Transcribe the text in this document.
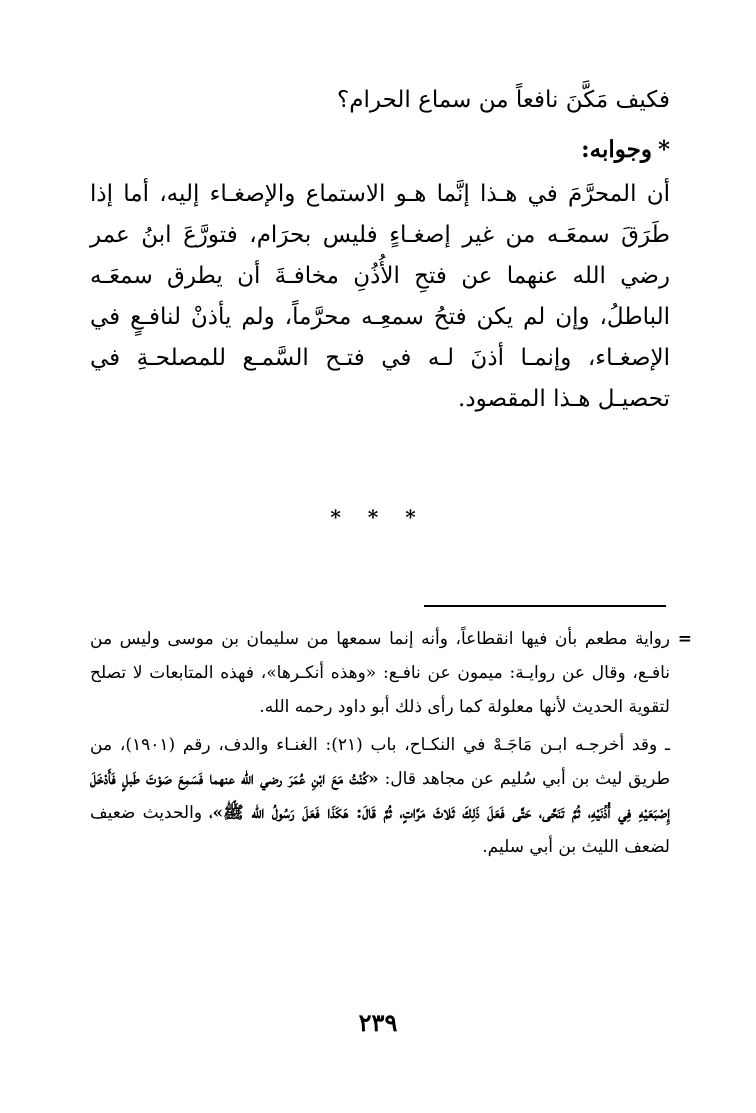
فكيف مَكَّنَ نافعاً من سماع الحرام؟

*وجوابه:

أن المحرَّمَ في هـذا إنَّما هـو الاستماع والإصغـاء إليه، أما إذا طَرَقَ سمعَـه من غير إصغـاءٍ فليس بحرَام، فتورَّعَ ابنُ عمر رضي الله عنهما عن فتحِ الأُذُنِ مخافـةَ أن يطرق سمعَـه الباطلُ، وإن لم يكن فتحُ سمعِـه محرَّماً، ولم يأذنْ لنافـعٍ في الإصغـاء، وإنمـا أذنَ لـه في فتـح السَّمـع للمصلحـةِ في تحصيـل هـذا المقصود.

* * *

=
رواية مطعم بأن فيها انقطاعاً، وأنه إنما سمعها من سليمان بن موسى وليس من نافـع، وقال عن روايـة: ميمون عن نافـع: «وهذه أنكـرها»، فهذه المتابعات لا تصلح لتقوية الحديث لأنها معلولة كما رأى ذلك أبو داود رحمه الله.

ـ وقد أخرجـه ابـن مَاجَـهْ في النكـاح، باب (٢١): الغنـاء والدف، رقم (١٩٠١)، من طريق ليث بن أبي سُليم عن مجاهد قال: «كُنْتُ مَعَ ابْنِ عُمَرَ رضي الله عنهما فَسَمِعَ صَوْتَ طَبلٍ فَأَدْخَلَ إِصْبَعَيْهِ فِي أُذُنَيْهِ، ثُمَّ تَنَحَّى، حَتَّى فَعَلَ ذَلِكَ ثَلاثَ مَرَّاتٍ، ثُمَّ قَالَ: هَكَذَا فَعَلَ رَسُولُ الله ﷺ»، والحديث ضعيف لضعف الليث بن أبي سليم.

٢٣٩
